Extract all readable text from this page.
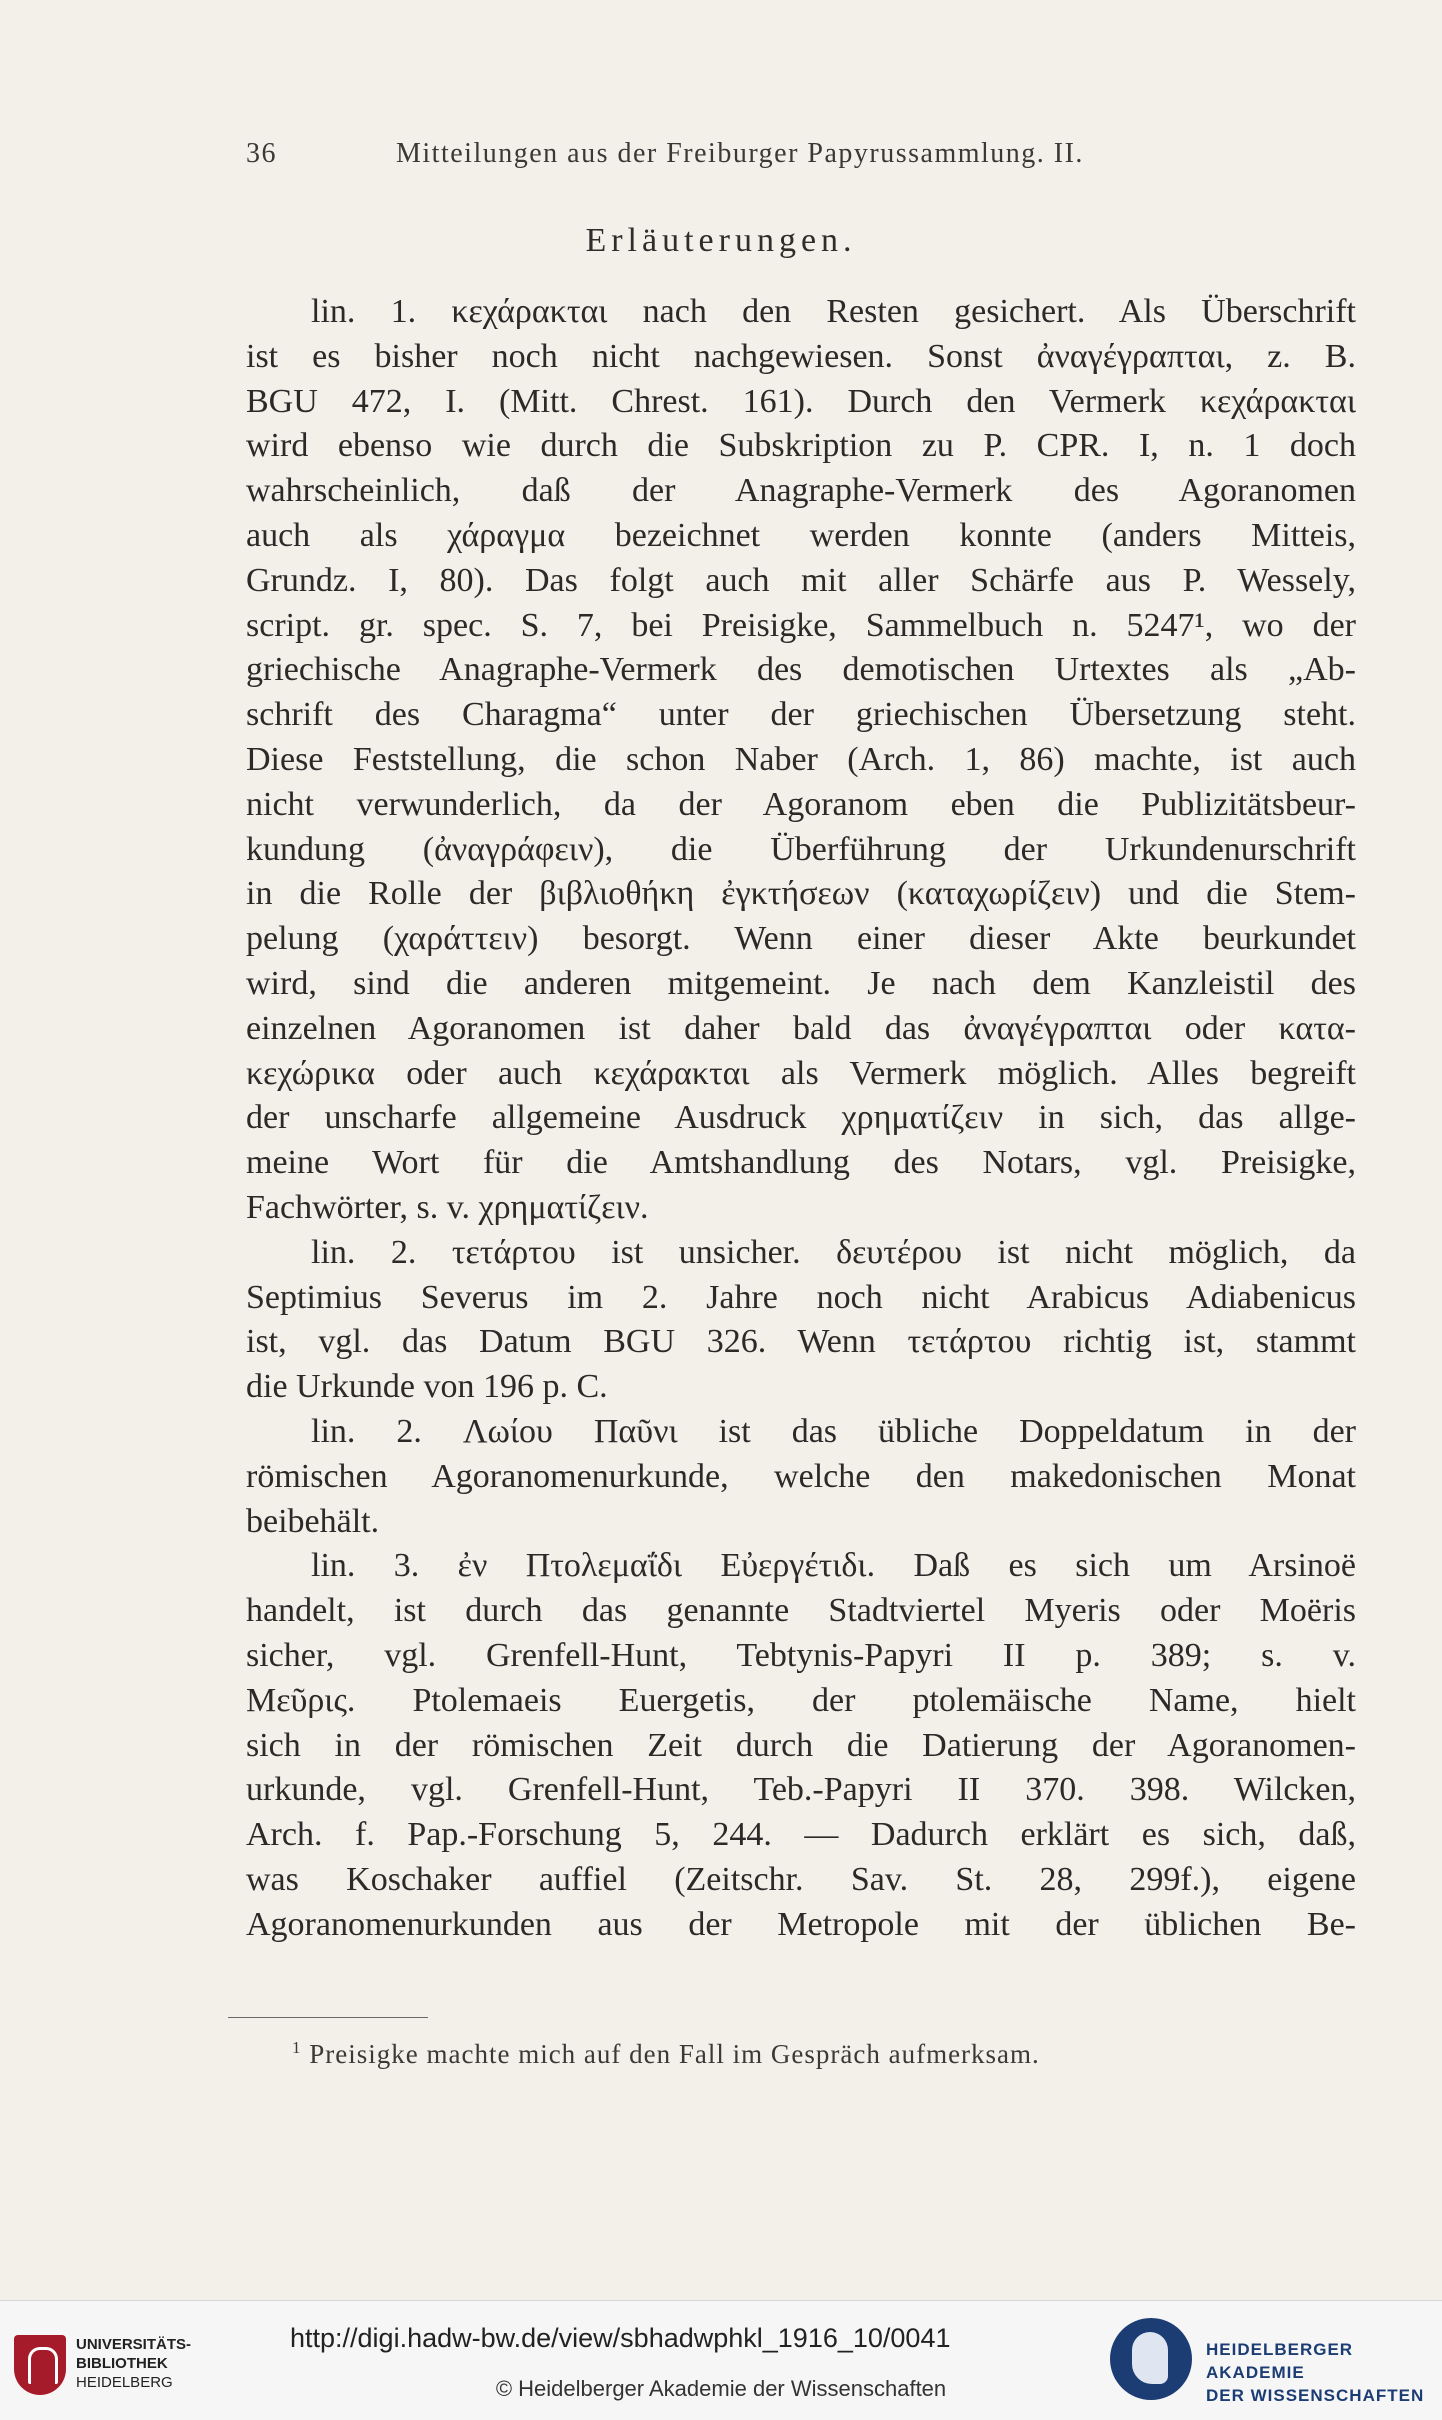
36	Mitteilungen aus der Freiburger Papyrussammlung. II.
Erläuterungen.
lin. 1. κεχάρακται nach den Resten gesichert. Als Überschrift
ist es bisher noch nicht nachgewiesen. Sonst ἀναγέγραπται, z. B.
BGU 472, I. (Mitt. Chrest. 161). Durch den Vermerk κεχάρακται
wird ebenso wie durch die Subskription zu P. CPR. I, n. 1 doch
wahrscheinlich, daß der Anagraphe-Vermerk des Agoranomen
auch als χάραγμα bezeichnet werden konnte (anders Mitteis,
Grundz. I, 80). Das folgt auch mit aller Schärfe aus P. Wessely,
script. gr. spec. S. 7, bei Preisigke, Sammelbuch n. 5247¹, wo der
griechische Anagraphe-Vermerk des demotischen Urtextes als „Ab-
schrift des Charagma“ unter der griechischen Übersetzung steht.
Diese Feststellung, die schon Naber (Arch. 1, 86) machte, ist auch
nicht verwunderlich, da der Agoranom eben die Publizitätsbeur-
kundung (ἀναγράφειν), die Überführung der Urkundenurschrift
in die Rolle der βιβλιοθήκη ἐγκτήσεων (καταχωρίζειν) und die Stem-
pelung (χαράττειν) besorgt. Wenn einer dieser Akte beurkundet
wird, sind die anderen mitgemeint. Je nach dem Kanzleistil des
einzelnen Agoranomen ist daher bald das ἀναγέγραπται oder κατα-
κεχώρικα oder auch κεχάρακται als Vermerk möglich. Alles begreift
der unscharfe allgemeine Ausdruck χρηματίζειν in sich, das allge-
meine Wort für die Amtshandlung des Notars, vgl. Preisigke,
Fachwörter, s. v. χρηματίζειν.
lin. 2. τετάρτου ist unsicher. δευτέρου ist nicht möglich, da
Septimius Severus im 2. Jahre noch nicht Arabicus Adiabenicus
ist, vgl. das Datum BGU 326. Wenn τετάρτου richtig ist, stammt
die Urkunde von 196 p. C.
lin. 2. Λωίου Παῦνι ist das übliche Doppeldatum in der
römischen Agoranomenurkunde, welche den makedonischen Monat
beibehält.
lin. 3. ἐν Πτολεμαΐδι Εὐεργέτιδι. Daß es sich um Arsinoë
handelt, ist durch das genannte Stadtviertel Myeris oder Moëris
sicher, vgl. Grenfell-Hunt, Tebtynis-Papyri II p. 389; s. v.
Μεῦρις. Ptolemaeis Euergetis, der ptolemäische Name, hielt
sich in der römischen Zeit durch die Datierung der Agoranomen-
urkunde, vgl. Grenfell-Hunt, Teb.-Papyri II 370. 398. Wilcken,
Arch. f. Pap.-Forschung 5, 244. — Dadurch erklärt es sich, daß,
was Koschaker auffiel (Zeitschr. Sav. St. 28, 299f.), eigene
Agoranomenurkunden aus der Metropole mit der üblichen Be-
$^1$ Preisigke machte mich auf den Fall im Gespräch aufmerksam.
UNIVERSITÄTS-
BIBLIOTHEK
HEIDELBERG
http://digi.hadw-bw.de/view/sbhadwphkl_1916_10/0041
© Heidelberger Akademie der Wissenschaften
HEIDELBERGER AKADEMIE
DER WISSENSCHAFTEN
